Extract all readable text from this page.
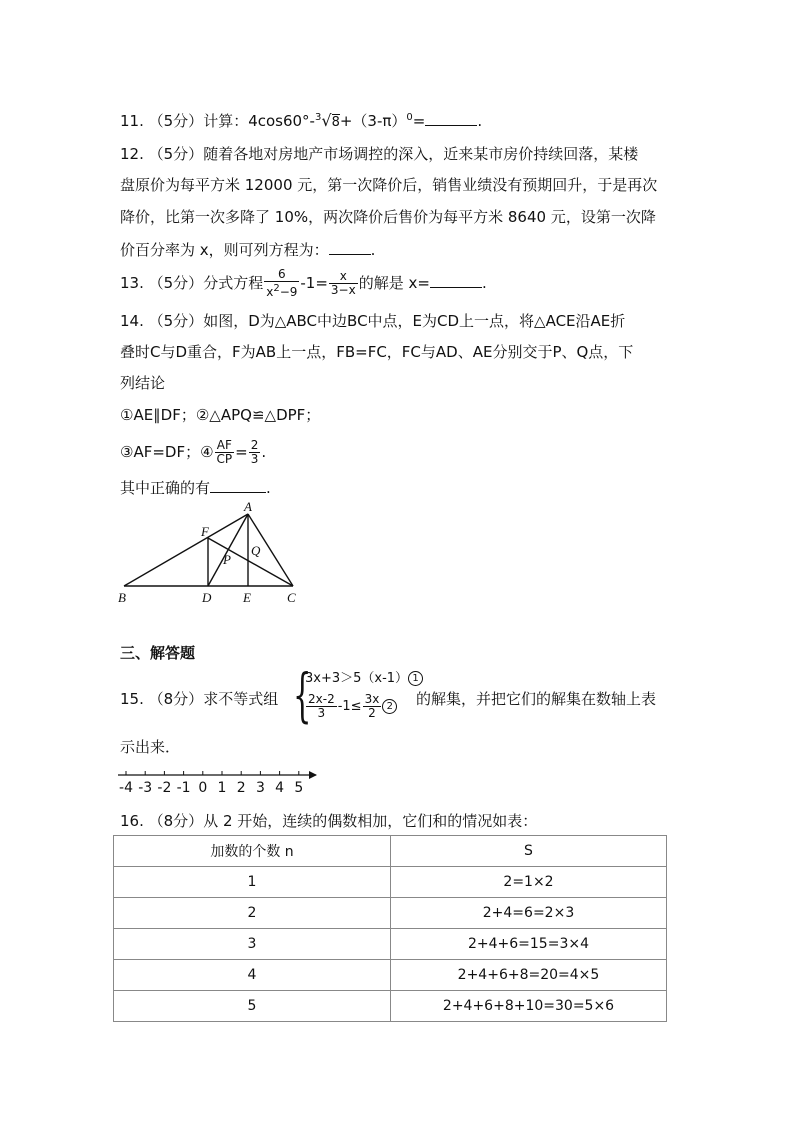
11. （5分）计算：$4\cos 60^\circ-^3√8+(3-\pi)^0=$	.
12. （5分）随着各地对房地产市场调控的深入，近来某市房价持续回落，某楼
盘原价为每平方米 12000 元，第一次降价后，销售业绩没有预期回升，于是再次
降价，比第一次多降了 10%，两次降价后售价为每平方米 8640 元，设第一次降
价百分率为 x，则可列方程为：	.
13. （5分）分式方程 $\frac{6}{x^2-9} -1= \frac{x}{3-x}$ 的解是 x=	.
14. （5分）如图，D为△ABC中边BC中点，E为CD上一点，将△ACE沿AE折
叠时C与D重合，F为AB上一点，FB=FC，FC与AD、AE分别交于P、Q点，下
列结论
①AE∥DF；②△APQ≌△DPF；
③AF=DF；④ $\frac{AF}{CP} = \frac{2}{3}$ .
其中正确的有	.
A
B	C
D E
F
P
Q
三、解答题
15. （8分）求不等式组 {
3x+3＞5（x-1） 1
$\frac{2x-2}{3} -1\le \frac{3x}{2} 2$ 的解集，并把它们的解集在数轴上表
示出来．
-4 -3 -2 -1 0 1 2 3 4 5
16. （8分）从 2 开始，连续的偶数相加，它们和的情况如表：
加数的个数 n	S
1	2=1×2
2	2+4=6=2×3
3	2+4+6=15=3×4
4	2+4+6+8=20=4×5
5	2+4+6+8+10=30=5×6
